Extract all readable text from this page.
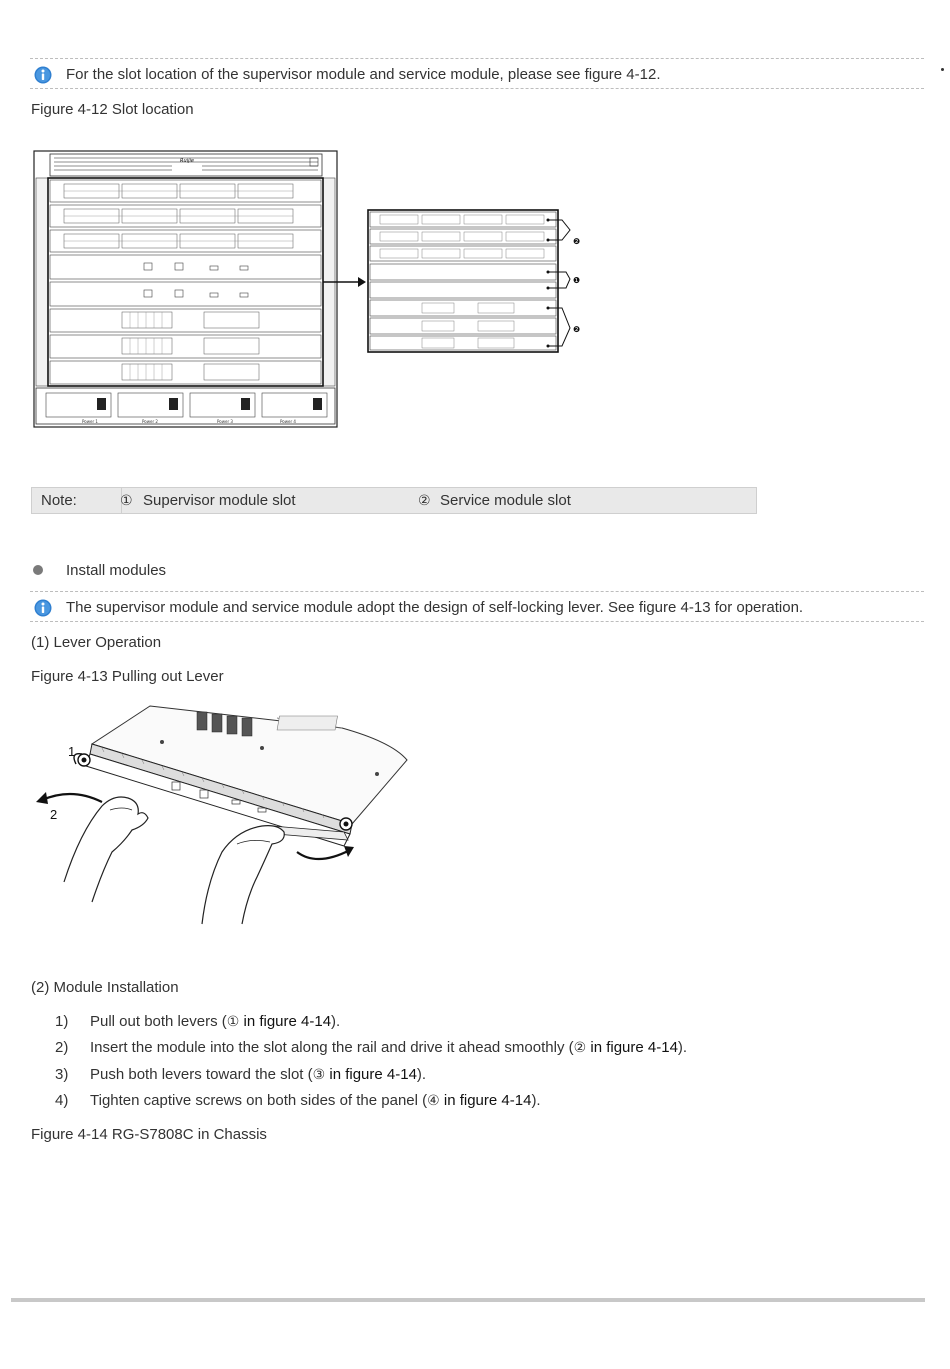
For the slot location of the supervisor module and service module, please see figure 4-12.
Figure 4-12 Slot location
Ruijie
Power 1	Power 2	Power 3	Power 4
❷
❶
❷
Note:	① Supervisor module slot	② Service module slot
Install modules
The supervisor module and service module adopt the design of self-locking lever. See figure 4-13 for operation.
(1) Lever Operation
Figure 4-13 Pulling out Lever
1
2
(2) Module Installation
1) Pull out both levers (① in figure 4-14).
2) Insert the module into the slot along the rail and drive it ahead smoothly (② in figure 4-14).
3) Push both levers toward the slot (③ in figure 4-14).
4) Tighten captive screws on both sides of the panel (④ in figure 4-14).
Figure 4-14 RG-S7808C in Chassis
